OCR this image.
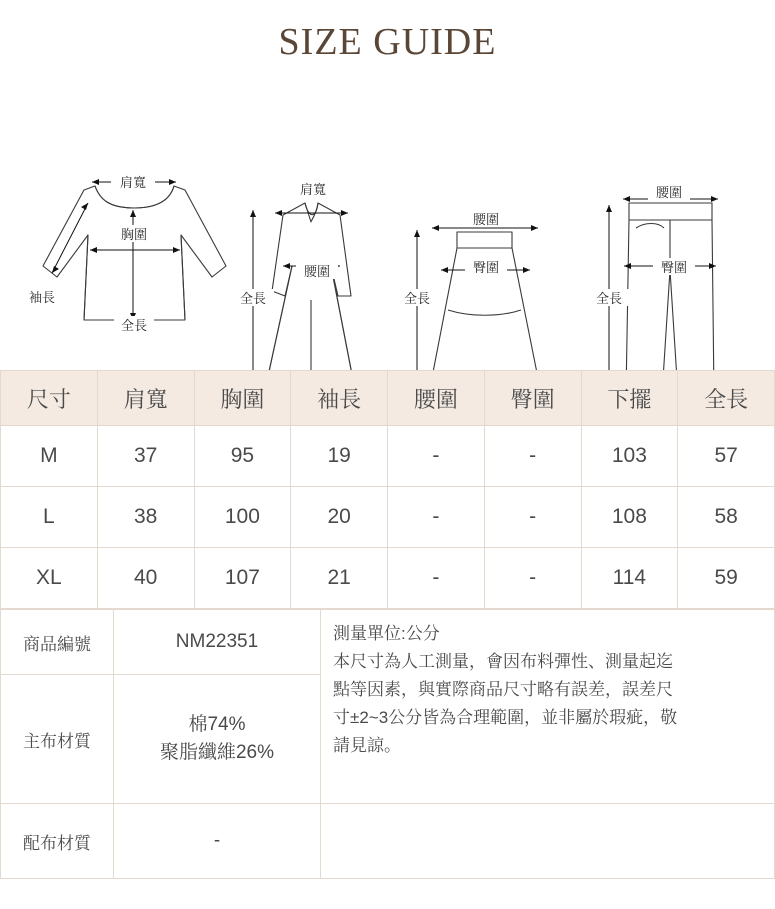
SIZE GUIDE
肩寬
胸圍
全長
袖長
肩寬
腰圍
全長
腰圍
臀圍
全長
腰圍
臀圍
全長
尺寸	肩寬	胸圍	袖長	腰圍	臀圍	下擺	全長
M	37	95	19	-	-	103	57
L	38	100	20	-	-	108	58
XL	40	107	21	-	-	114	59
商品編號	NM22351	測量單位:公分
本尺寸為人工測量，會因布料彈性、測量起迄
點等因素，與實際商品尺寸略有誤差，誤差尺
寸±2~3公分皆為合理範圍，並非屬於瑕疵，敬
請見諒。

主布材質	棉74%
聚脂纖維26%	

配布材質	-	
